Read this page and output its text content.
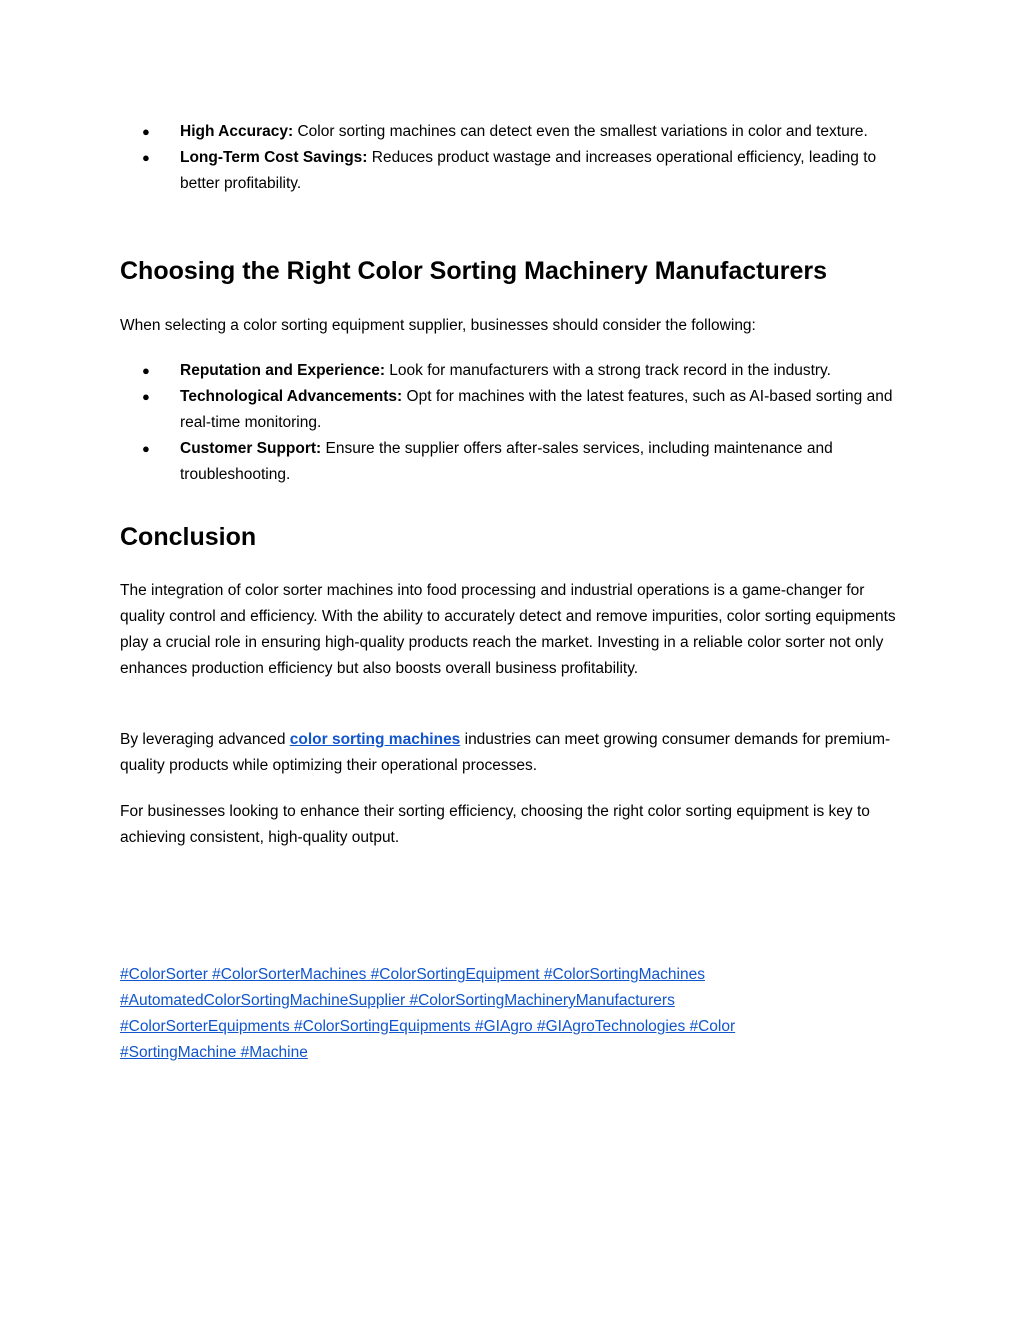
● High Accuracy: Color sorting machines can detect even the smallest variations in color and texture.
● Long-Term Cost Savings: Reduces product wastage and increases operational efficiency, leading to better profitability.
Choosing the Right Color Sorting Machinery Manufacturers

When selecting a color sorting equipment supplier, businesses should consider the following:

● Reputation and Experience: Look for manufacturers with a strong track record in the industry.
● Technological Advancements: Opt for machines with the latest features, such as AI-based sorting and real-time monitoring.
● Customer Support: Ensure the supplier offers after-sales services, including maintenance and troubleshooting.
Conclusion

The integration of color sorter machines into food processing and industrial operations is a game-changer for quality control and efficiency. With the ability to accurately detect and remove impurities, color sorting equipments play a crucial role in ensuring high-quality products reach the market. Investing in a reliable color sorter not only enhances production efficiency but also boosts overall business profitability.

By leveraging advanced color sorting machines industries can meet growing consumer demands for premium-quality products while optimizing their operational processes.

For businesses looking to enhance their sorting efficiency, choosing the right color sorting equipment is key to achieving consistent, high-quality output.

#ColorSorter #ColorSorterMachines #ColorSortingEquipment #ColorSortingMachines
#AutomatedColorSortingMachineSupplier #ColorSortingMachineryManufacturers
#ColorSorterEquipments #ColorSortingEquipments #GIAgro #GIAgroTechnologies #Color
#SortingMachine #Machine
